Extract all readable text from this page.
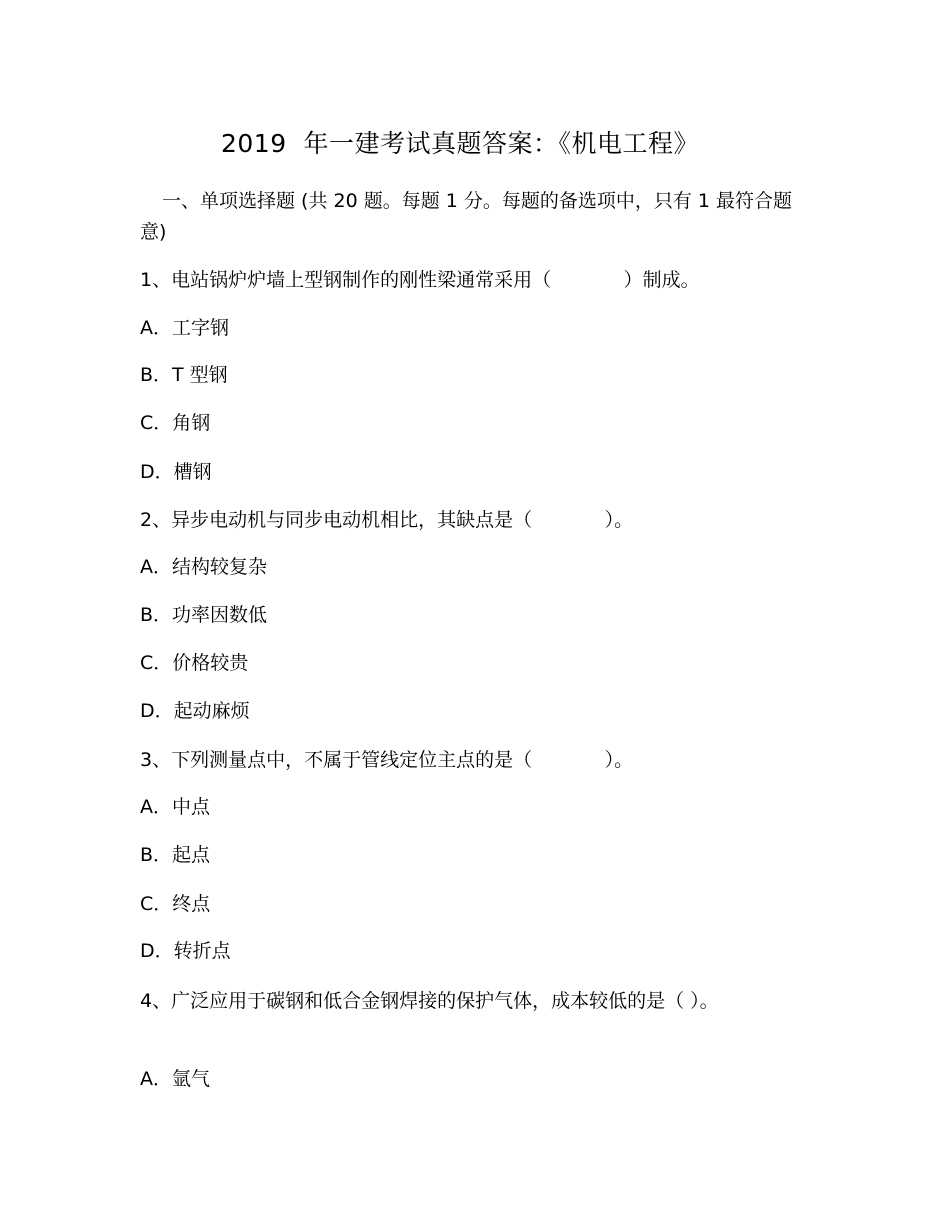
2019  年一建考试真题答案：《机电工程》
一、单项选择题 (共 20 题。每题 1 分。每题的备选项中，只有 1 最符合题意)
1、电站锅炉炉墙上型钢制作的刚性梁通常采用（            ）制成。
A．工字钢
B．T 型钢
C．角钢
D．槽钢
2、异步电动机与同步电动机相比，其缺点是（            ）。
A．结构较复杂
B．功率因数低
C．价格较贵
D．起动麻烦
3、下列测量点中，不属于管线定位主点的是（            ）。
A．中点
B．起点
C．终点
D．转折点
4、广泛应用于碳钢和低合金钢焊接的保护气体，成本较低的是（ ）。
A．氩气
